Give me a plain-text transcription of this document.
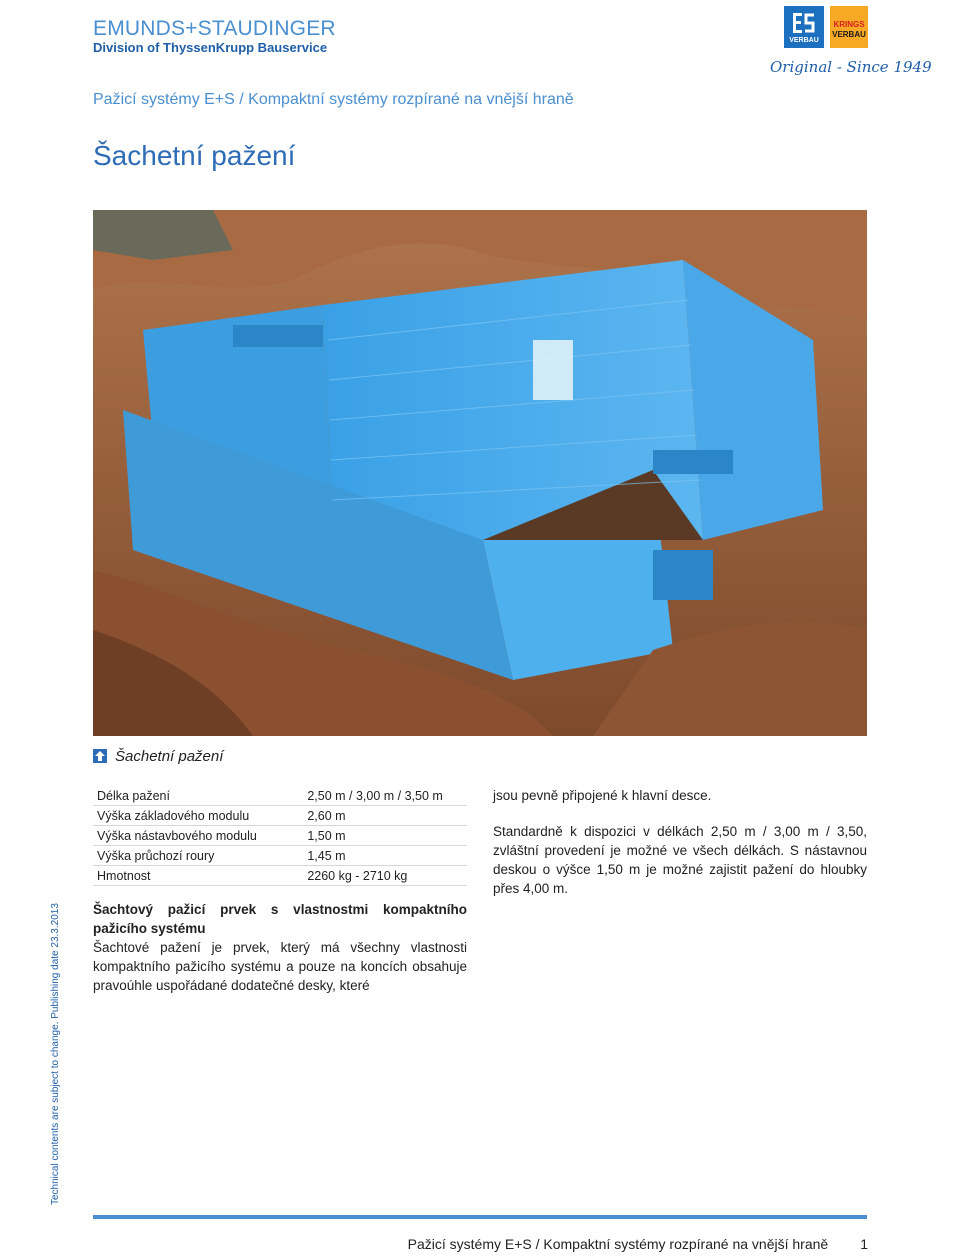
EMUNDS+STAUDINGER
Division of ThyssenKrupp Bauservice	VERBAU
KRINGS
VERBAU
Original - Since 1949
Pažicí systémy E+S / Kompaktní systémy rozpírané na vnější hraně
Šachetní pažení
Šachetní pažení
Délka pažení	2,50 m / 3,00 m / 3,50 m
Výška základového modulu	2,60 m
Výška nástavbového modulu	1,50 m
Výška průchozí roury	1,45 m
Hmotnost	2260 kg - 2710 kg
Šachtový pažicí prvek s vlastnostmi kompaktního pažicího systému
Šachtové pažení je prvek, který má všechny vlastnosti kompaktního pažicího systému a pouze na koncích obsahuje pravoúhle uspořádané dodatečné desky, které

jsou pevně připojené k hlavní desce.

Standardně k dispozici v délkách 2,50 m / 3,00 m / 3,50, zvláštní provedení je možné ve všech délkách. S nástavnou deskou o výšce 1,50 m je možné zajistit pažení do hloubky přes 4,00 m.

Technical contents are subject to change. Publishing date 23.3.2013
Pažicí systémy E+S / Kompaktní systémy rozpírané na vnější hraně 1
